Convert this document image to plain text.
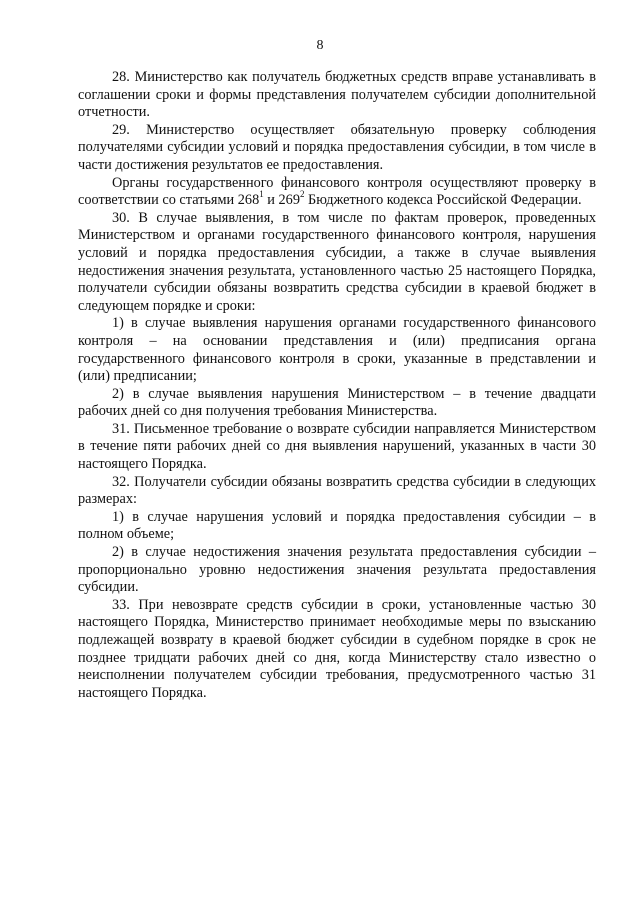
8

28. Министерство как получатель бюджетных средств вправе устанавливать в соглашении сроки и формы представления получателем субсидии дополнительной отчетности.

29. Министерство осуществляет обязательную проверку соблюдения получателями субсидии условий и порядка предоставления субсидии, в том числе в части достижения результатов ее предоставления.

Органы государственного финансового контроля осуществляют проверку в соответствии со статьями $268^1$ и $269^2$ Бюджетного кодекса Российской Федерации.

30. В случае выявления, в том числе по фактам проверок, проведенных Министерством и органами государственного финансового контроля, нарушения условий и порядка предоставления субсидии, а также в случае выявления недостижения значения результата, установленного частью 25 настоящего Порядка, получатели субсидии обязаны возвратить средства субсидии в краевой бюджет в следующем порядке и сроки:

1) в случае выявления нарушения органами государственного финансового контроля – на основании представления и (или) предписания органа государственного финансового контроля в сроки, указанные в представлении и (или) предписании;

2) в случае выявления нарушения Министерством – в течение двадцати рабочих дней со дня получения требования Министерства.

31. Письменное требование о возврате субсидии направляется Министерством в течение пяти рабочих дней со дня выявления нарушений, указанных в части 30 настоящего Порядка.

32. Получатели субсидии обязаны возвратить средства субсидии в следующих размерах:

1) в случае нарушения условий и порядка предоставления субсидии – в полном объеме;

2) в случае недостижения значения результата предоставления субсидии – пропорционально уровню недостижения значения результата предоставления субсидии.

33. При невозврате средств субсидии в сроки, установленные частью 30 настоящего Порядка, Министерство принимает необходимые меры по взысканию подлежащей возврату в краевой бюджет субсидии в судебном порядке в срок не позднее тридцати рабочих дней со дня, когда Министерству стало известно о неисполнении получателем субсидии требования, предусмотренного частью 31 настоящего Порядка.
